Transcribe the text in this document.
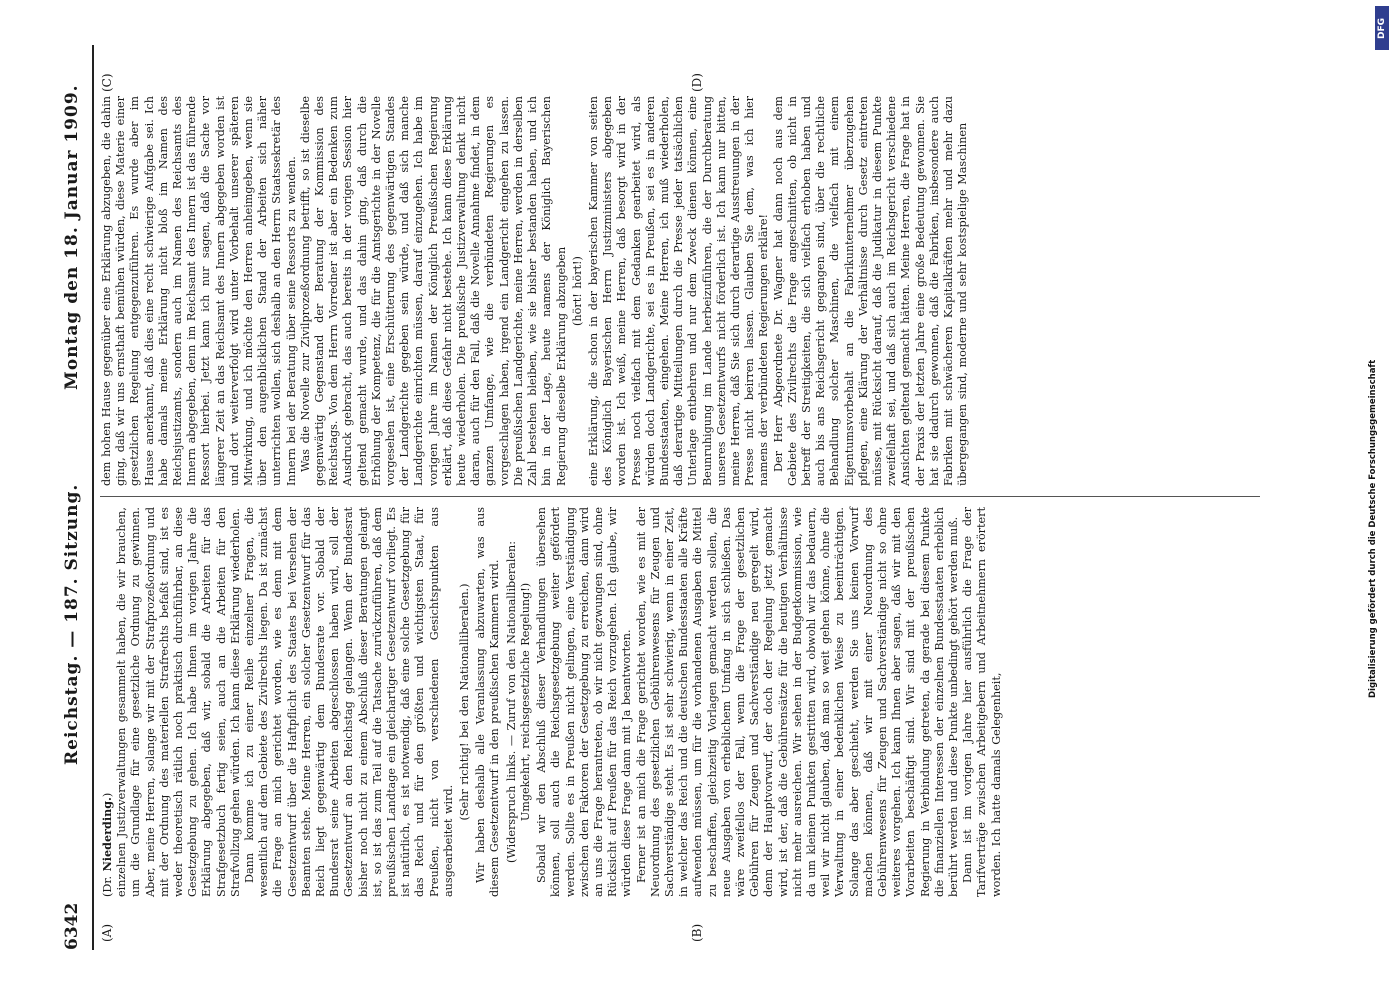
6342
Reichstag. — 187. Sitzung.
Montag den 18. Januar 1909.
(A)	(B)
(C)	(D)

(Dr. Niederding.) einzelnen Justizverwaltungen gesammelt haben, die wir brauchen, um die Grundlage für eine gesetzliche Ordnung zu gewinnen. Aber, meine Herren, solange wir mit der Strafprozeßordnung und mit der Ordnung des materiellen Strafrechts befaßt sind, ist es weder theoretisch rätlich noch praktisch durchführbar, an diese Gesetzgebung zu gehen. Ich habe Ihnen im vorigen Jahre die Erklärung abgegeben, daß wir, sobald die Arbeiten für das Strafgesetzbuch fertig seien, auch an die Arbeiten für den Strafvollzug gehen würden. Ich kann diese Erklärung wiederholen. Dann komme ich zu einer Reihe einzelner Fragen, die wesentlich auf dem Gebiete des Zivilrechts liegen. Da ist zunächst die Frage an mich gerichtet worden, wie es denn mit dem Gesetzentwurf über die Haftpflicht des Staates bei Versehen der Beamten stehe. Meine Herren, ein solcher Gesetzentwurf für das Reich liegt gegenwärtig dem Bundesrate vor. Sobald der Bundesrat seine Arbeiten abgeschlossen haben wird, soll der Gesetzentwurf an den Reichstag gelangen. Wenn der Bundesrat bisher noch nicht zu einem Abschluß dieser Beratungen gelangt ist, so ist das zum Teil auf die Tatsache zurückzuführen, daß dem preußischen Landtage ein gleichartiger Gesetzentwurf vorliegt. Es ist natürlich, es ist notwendig, daß eine solche Gesetzgebung für das Reich und für den größten und wichtigsten Staat, für Preußen, nicht von verschiedenen Gesichtspunkten aus ausgearbeitet wird.

(Sehr richtig! bei den Nationalliberalen.) Wir haben deshalb alle Veranlassung abzuwarten, was aus diesem Gesetzentwurf in den preußischen Kammern wird. (Widerspruch links. — Zuruf von den Nationalliberalen: Umgekehrt, reichsgesetzliche Regelung!) Sobald wir den Abschluß dieser Verhandlungen übersehen können, soll auch die Reichsgesetzgebung weiter gefördert werden. Sollte es in Preußen nicht gelingen, eine Verständigung zwischen den Faktoren der Gesetzgebung zu erreichen, dann wird an uns die Frage herantreten, ob wir nicht gezwungen sind, ohne Rücksicht auf Preußen für das Reich vorzugehen. Ich glaube, wir würden diese Frage dann mit Ja beantworten. Ferner ist an mich die Frage gerichtet worden, wie es mit der Neuordnung des gesetzlichen Gebührenwesens für Zeugen und Sachverständige steht. Es ist sehr schwierig, wenn in einer Zeit, in welcher das Reich und die deutschen Bundesstaaten alle Kräfte aufwenden müssen, um für die vorhandenen Ausgaben die Mittel zu beschaffen, gleichzeitig Vorlagen gemacht werden sollen, die neue Ausgaben von erheblichem Umfang in sich schließen. Das wäre zweifellos der Fall, wenn die Frage der gesetzlichen Gebühren für Zeugen und Sachverständige neu geregelt wird, denn der Hauptvorwurf, der doch der Regelung jetzt gemacht wird, ist der, daß die Gebührensätze für die heutigen Verhältnisse nicht mehr ausreichen. Wir sehen in der Budgetkommission, wie da um kleinen Punkten gestritten wird, obwohl wir das bedauern, weil wir nicht glauben, daß man so weit gehen könne, ohne die Verwaltung in einer bedenklichen Weise zu beeinträchtigen. Solange das aber geschieht, werden Sie uns keinen Vorwurf machen können, daß wir mit einer Neuordnung des Gebührenwesens für Zeugen und Sachverständige nicht so ohne weiteres vorgehen. Ich kann Ihnen aber sagen, daß wir mit den Vorarbeiten beschäftigt sind. Wir sind mit der preußischen Regierung in Verbindung getreten, da gerade bei diesem Punkte die finanziellen Interessen der einzelnen Bundesstaaten erheblich berührt werden und diese Punkte unbedingt gehört werden muß. Dann ist im vorigen Jahre hier ausführlich die Frage der Tarifverträge zwischen Arbeitgebern und Arbeitnehmern erörtert worden. Ich hatte damals Gelegenheit,

dem hohen Hause gegenüber eine Erklärung abzugeben, die dahin ging, daß wir uns ernsthaft bemühen würden, diese Materie einer gesetzlichen Regelung entgegenzuführen. Es wurde aber im Hause anerkannt, daß dies eine recht schwierige Aufgabe sei. Ich habe damals meine Erklärung nicht bloß im Namen des Reichsjustizamts, sondern auch im Namen des Reichsamts des Innern abgegeben, denn im Reichsamt des Innern ist das führende Ressort hierbei. Jetzt kann ich nur sagen, daß die Sache vor längerer Zeit an das Reichsamt des Innern abgegeben worden ist und dort weiterverfolgt wird unter Vorbehalt unserer späteren Mitwirkung, und ich möchte den Herren anheimgeben, wenn sie über den augenblicklichen Stand der Arbeiten sich näher unterrichten wollen, sich deshalb an den Herrn Staatssekretär des Innern bei der Beratung über seine Ressorts zu wenden. Was die Novelle zur Zivilprozeßordnung betrifft, so ist dieselbe gegenwärtig Gegenstand der Beratung der Kommission des Reichstags. Von dem Herrn Vorredner ist aber ein Bedenken zum Ausdruck gebracht, das auch bereits in der vorigen Session hier geltend gemacht wurde, und das dahin ging, daß durch die Erhöhung der Kompetenz, die für die Amtsgerichte in der Novelle vorgesehen ist, eine Erschütterung des gegenwärtigen Standes der Landgerichte gegeben sein würde, und daß sich manche Landgerichte einrichten müssen, darauf einzugehen. Ich habe im vorigen Jahre im Namen der Königlich Preußischen Regierung erklärt, daß diese Gefahr nicht bestehe. Ich kann diese Erklärung heute wiederholen. Die preußische Justizverwaltung denkt nicht daran, auch für den Fall, daß die Novelle Annahme findet, in dem ganzen Umfange, wie die verbündeten Regierungen es vorgeschlagen haben, irgend ein Landgericht eingehen zu lassen. Die preußischen Landgerichte, meine Herren, werden in derselben Zahl bestehen bleiben, wie sie bisher bestanden haben, und ich bin in der Lage, heute namens der Königlich Bayerischen Regierung dieselbe Erklärung abzugeben (hört! hört!) eine Erklärung, die schon in der bayerischen Kammer von seiten des Königlich Bayerischen Herrn Justizministers abgegeben worden ist. Ich weiß, meine Herren, daß besorgt wird in der Presse noch vielfach mit dem Gedanken gearbeitet wird, als würden doch Landgerichte, sei es in Preußen, sei es in anderen Bundesstaaten, eingehen. Meine Herren, ich muß wiederholen, daß derartige Mitteilungen durch die Presse jeder tatsächlichen Unterlage entbehren und nur dem Zweck dienen können, eine Beunruhigung im Lande herbeizuführen, die der Durchberatung unseres Gesetzentwurfs nicht förderlich ist. Ich kann nur bitten, meine Herren, daß Sie sich durch derartige Ausstreuungen in der Presse nicht beirren lassen. Glauben Sie dem, was ich hier namens der verbündeten Regierungen erkläre! Der Herr Abgeordnete Dr. Wagner hat dann noch aus dem Gebiete des Zivilrechts die Frage angeschnitten, ob nicht in betreff der Streitigkeiten, die sich vielfach erhoben haben und auch bis ans Reichsgericht gegangen sind, über die rechtliche Behandlung solcher Maschinen, die vielfach mit einem Eigentumsvorbehalt an die Fabrikunternehmer überzugehen pflegen, eine Klärung der Verhältnisse durch Gesetz eintreten müsse, mit Rücksicht darauf, daß die Judikatur in diesem Punkte zweifelhaft sei, und daß sich auch im Reichsgericht verschiedene Ansichten geltend gemacht hätten. Meine Herren, die Frage hat in der Praxis der letzten Jahre eine große Bedeutung gewonnen. Sie hat sie dadurch gewonnen, daß die Fabriken, insbesondere auch Fabriken mit schwächeren Kapitalkräften mehr und mehr dazu übergegangen sind, moderne und sehr kostspielige Maschinen

DFG
Digitalisierung gefördert durch die Deutsche Forschungsgemeinschaft
